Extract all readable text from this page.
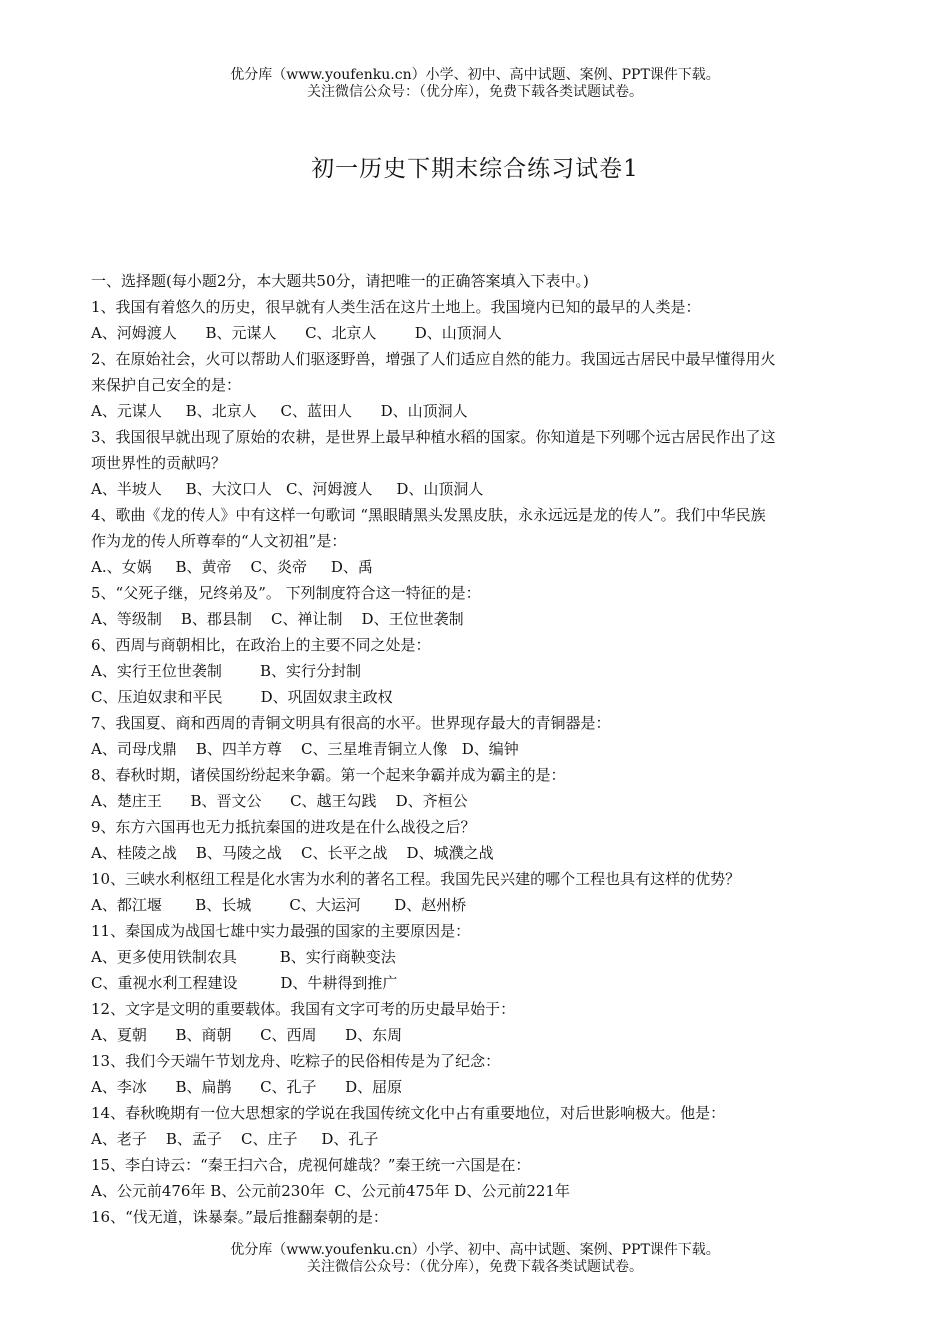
优分库（www.youfenku.cn）小学、初中、高中试题、案例、PPT课件下载。
关注微信公众号：（优分库），免费下载各类试题试卷。
初一历史下期末综合练习试卷1
一、选择题(每小题2分，本大题共50分，请把唯一的正确答案填入下表中。)
1、我国有着悠久的历史，很早就有人类生活在这片土地上。我国境内已知的最早的人类是：
A、河姆渡人      B、元谋人      C、北京人        D、山顶洞人
2、在原始社会，火可以帮助人们驱逐野兽，增强了人们适应自然的能力。我国远古居民中最早懂得用火
来保护自己安全的是：
A、元谋人     B、北京人     C、蓝田人      D、山顶洞人
3、我国很早就出现了原始的农耕，是世界上最早种植水稻的国家。你知道是下列哪个远古居民作出了这
项世界性的贡献吗？
A、半坡人     B、大汶口人   C、河姆渡人     D、山顶洞人
4、歌曲《龙的传人》中有这样一句歌词 “黑眼睛黑头发黑皮肤，永永远远是龙的传人”。我们中华民族
作为龙的传人所尊奉的“人文初祖”是：
A.、女娲     B、黄帝    C、炎帝     D、禹
5、“父死子继，兄终弟及”。 下列制度符合这一特征的是：
A、等级制    B、郡县制    C、禅让制    D、王位世袭制
6、西周与商朝相比，在政治上的主要不同之处是：
A、实行王位世袭制        B、实行分封制
C、压迫奴隶和平民        D、巩固奴隶主政权
7、我国夏、商和西周的青铜文明具有很高的水平。世界现存最大的青铜器是：
A、司母戊鼎    B、四羊方尊    C、三星堆青铜立人像   D、编钟
8、春秋时期，诸侯国纷纷起来争霸。第一个起来争霸并成为霸主的是：
A、楚庄王      B、晋文公      C、越王勾践    D、齐桓公
9、东方六国再也无力抵抗秦国的进攻是在什么战役之后？
A、桂陵之战    B、马陵之战    C、长平之战    D、城濮之战
10、三峡水利枢纽工程是化水害为水利的著名工程。我国先民兴建的哪个工程也具有这样的优势？
A、都江堰       B、长城        C、大运河       D、赵州桥
11、秦国成为战国七雄中实力最强的国家的主要原因是：
A、更多使用铁制农具         B、实行商鞅变法
C、重视水利工程建设         D、牛耕得到推广
12、文字是文明的重要载体。我国有文字可考的历史最早始于：
A、夏朝      B、商朝      C、西周      D、东周
13、我们今天端午节划龙舟、吃粽子的民俗相传是为了纪念：
A、李冰      B、扁鹊      C、孔子      D、屈原
14、春秋晚期有一位大思想家的学说在我国传统文化中占有重要地位，对后世影响极大。他是：
A、老子    B、孟子    C、庄子     D、孔子
15、李白诗云：“秦王扫六合，虎视何雄哉？”秦王统一六国是在：
A、公元前476年 B、公元前230年  C、公元前475年 D、公元前221年
16、“伐无道，诛暴秦。”最后推翻秦朝的是：
优分库（www.youfenku.cn）小学、初中、高中试题、案例、PPT课件下载。
关注微信公众号：（优分库），免费下载各类试题试卷。
